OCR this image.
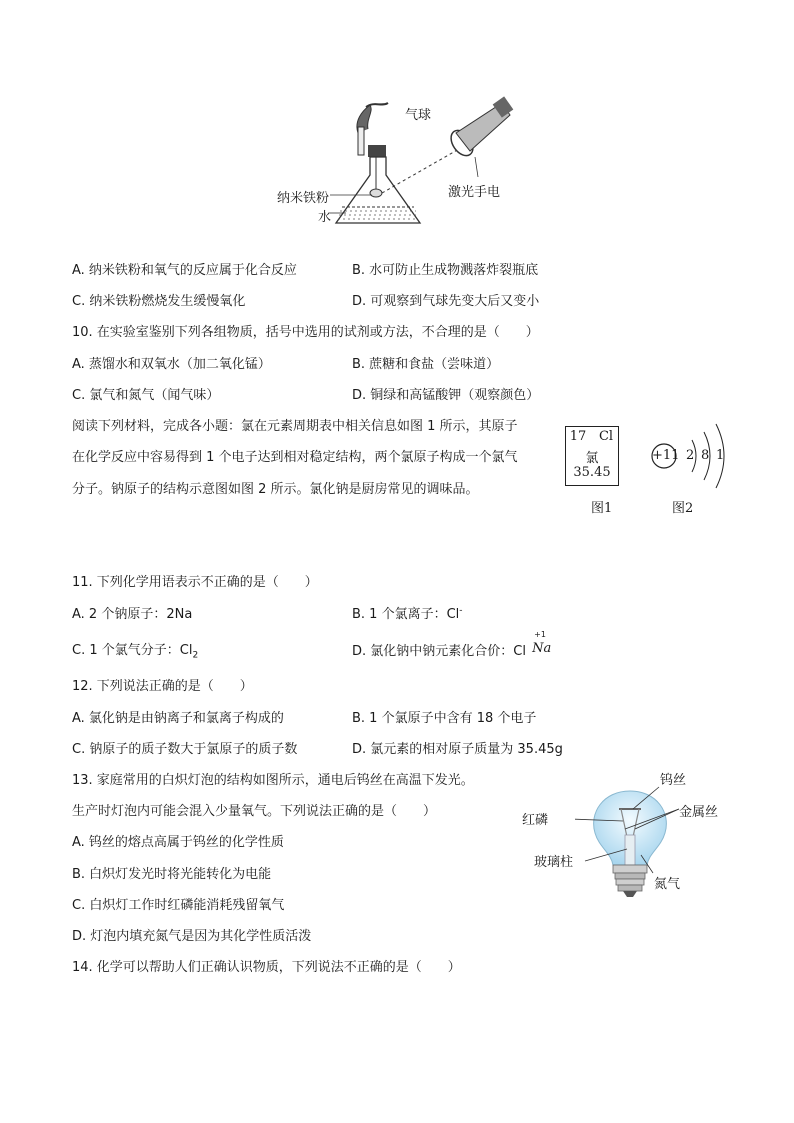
气球
纳米铁粉
水
激光手电
A. 纳米铁粉和氧气的反应属于化合反应	B. 水可防止生成物溅落炸裂瓶底
C. 纳米铁粉燃烧发生缓慢氧化	D. 可观察到气球先变大后又变小
10. 在实验室鉴别下列各组物质，括号中选用的试剂或方法，不合理的是（　　）
A. 蒸馏水和双氧水（加二氧化锰）	B. 蔗糖和食盐（尝味道）
C. 氯气和氮气（闻气味）	D. 铜绿和高锰酸钾（观察颜色）
阅读下列材料，完成各小题：氯在元素周期表中相关信息如图 1 所示，其原子
在化学反应中容易得到 1 个电子达到相对稳定结构，两个氯原子构成一个氯气
分子。钠原子的结构示意图如图 2 所示。氯化钠是厨房常见的调味品。
17 Cl
氯
35.45
图1
+11 2 8 1
图2
11. 下列化学用语表示不正确的是（　　）
A. 2 个钠原子：2Na	B. 1 个氯离子：Cl-
C. 1 个氯气分子：$Cl_2$	D. 氯化钠中钠元素化合价：Cl
+1
Na
12. 下列说法正确的是（　　）
A. 氯化钠是由钠离子和氯离子构成的	B. 1 个氯原子中含有 18 个电子
C. 钠原子的质子数大于氯原子的质子数	D. 氯元素的相对原子质量为 35.45g
13. 家庭常用的白炽灯泡的结构如图所示，通电后钨丝在高温下发光。
生产时灯泡内可能会混入少量氧气。下列说法正确的是（　　）
A. 钨丝的熔点高属于钨丝的化学性质
B. 白炽灯发光时将光能转化为电能
C. 白炽灯工作时红磷能消耗残留氧气
D. 灯泡内填充氮气是因为其化学性质活泼
钨丝
金属丝
红磷
玻璃柱
氮气
14. 化学可以帮助人们正确认识物质，下列说法不正确的是（　　）
